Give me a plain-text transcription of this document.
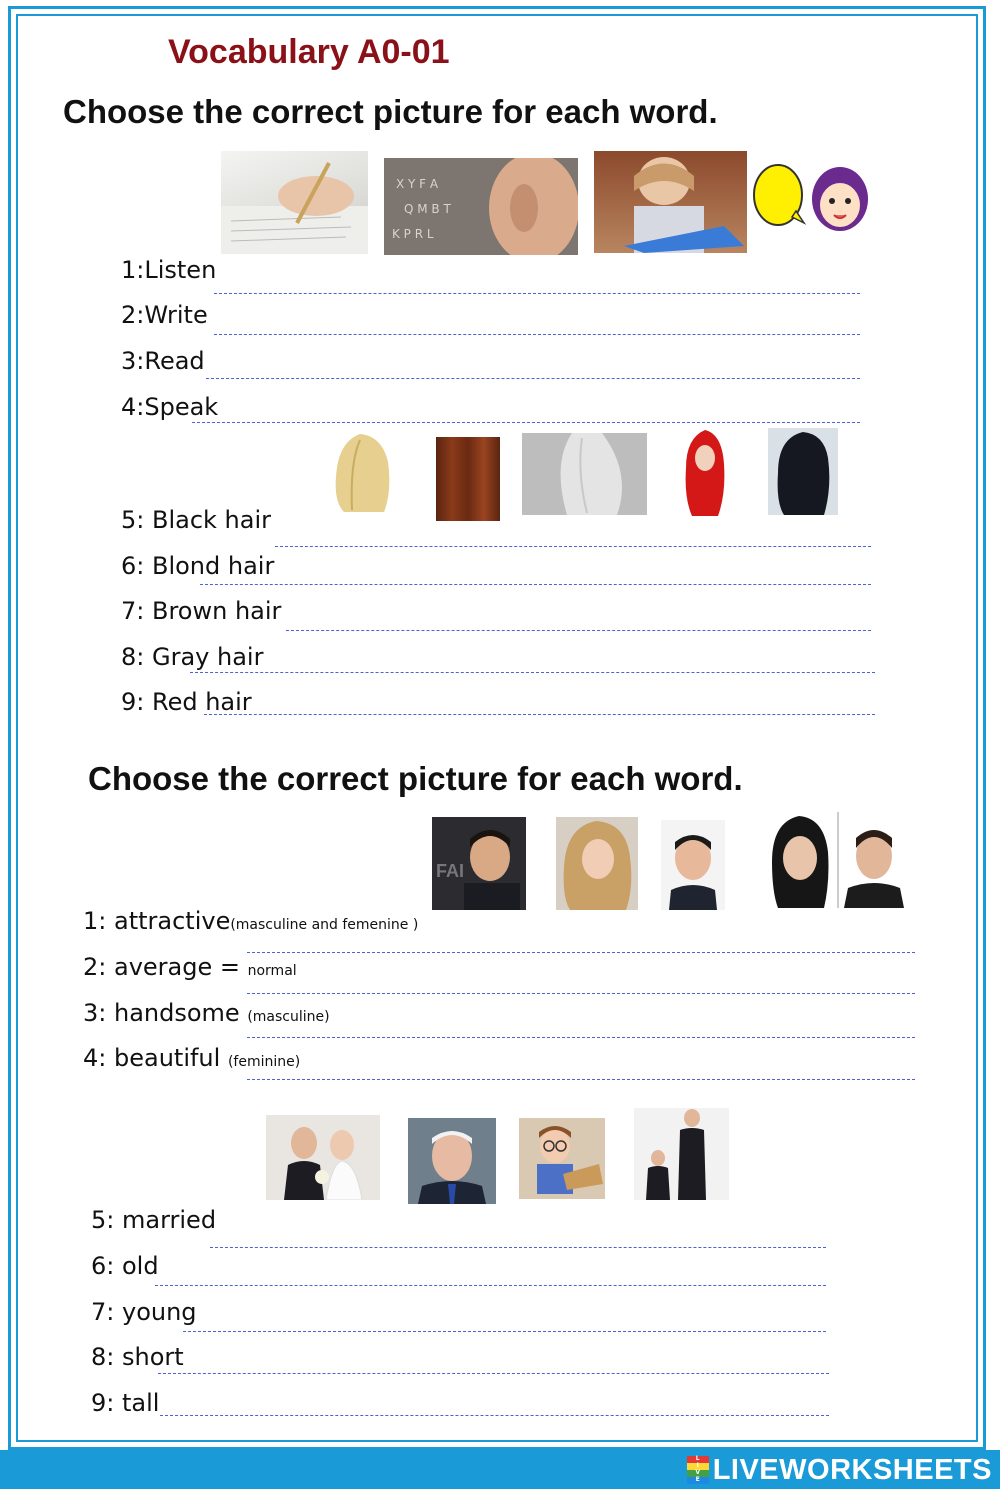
Vocabulary A0-01
Choose the correct picture for each word.
X Y F A
Q M B T
K P R L
1:Listen
2:Write
3:Read
4:Speak
5: Black hair
6: Blond hair
7: Brown hair
8: Gray hair
9: Red hair
Choose the correct picture for each word.
FAI
1: attractive(masculine and femenine )
2: average = normal
3: handsome (masculine)
4: beautiful (feminine)
5: married
6: old
7: young
8: short
9: tall
L
I
V
E LIVEWORKSHEETS
